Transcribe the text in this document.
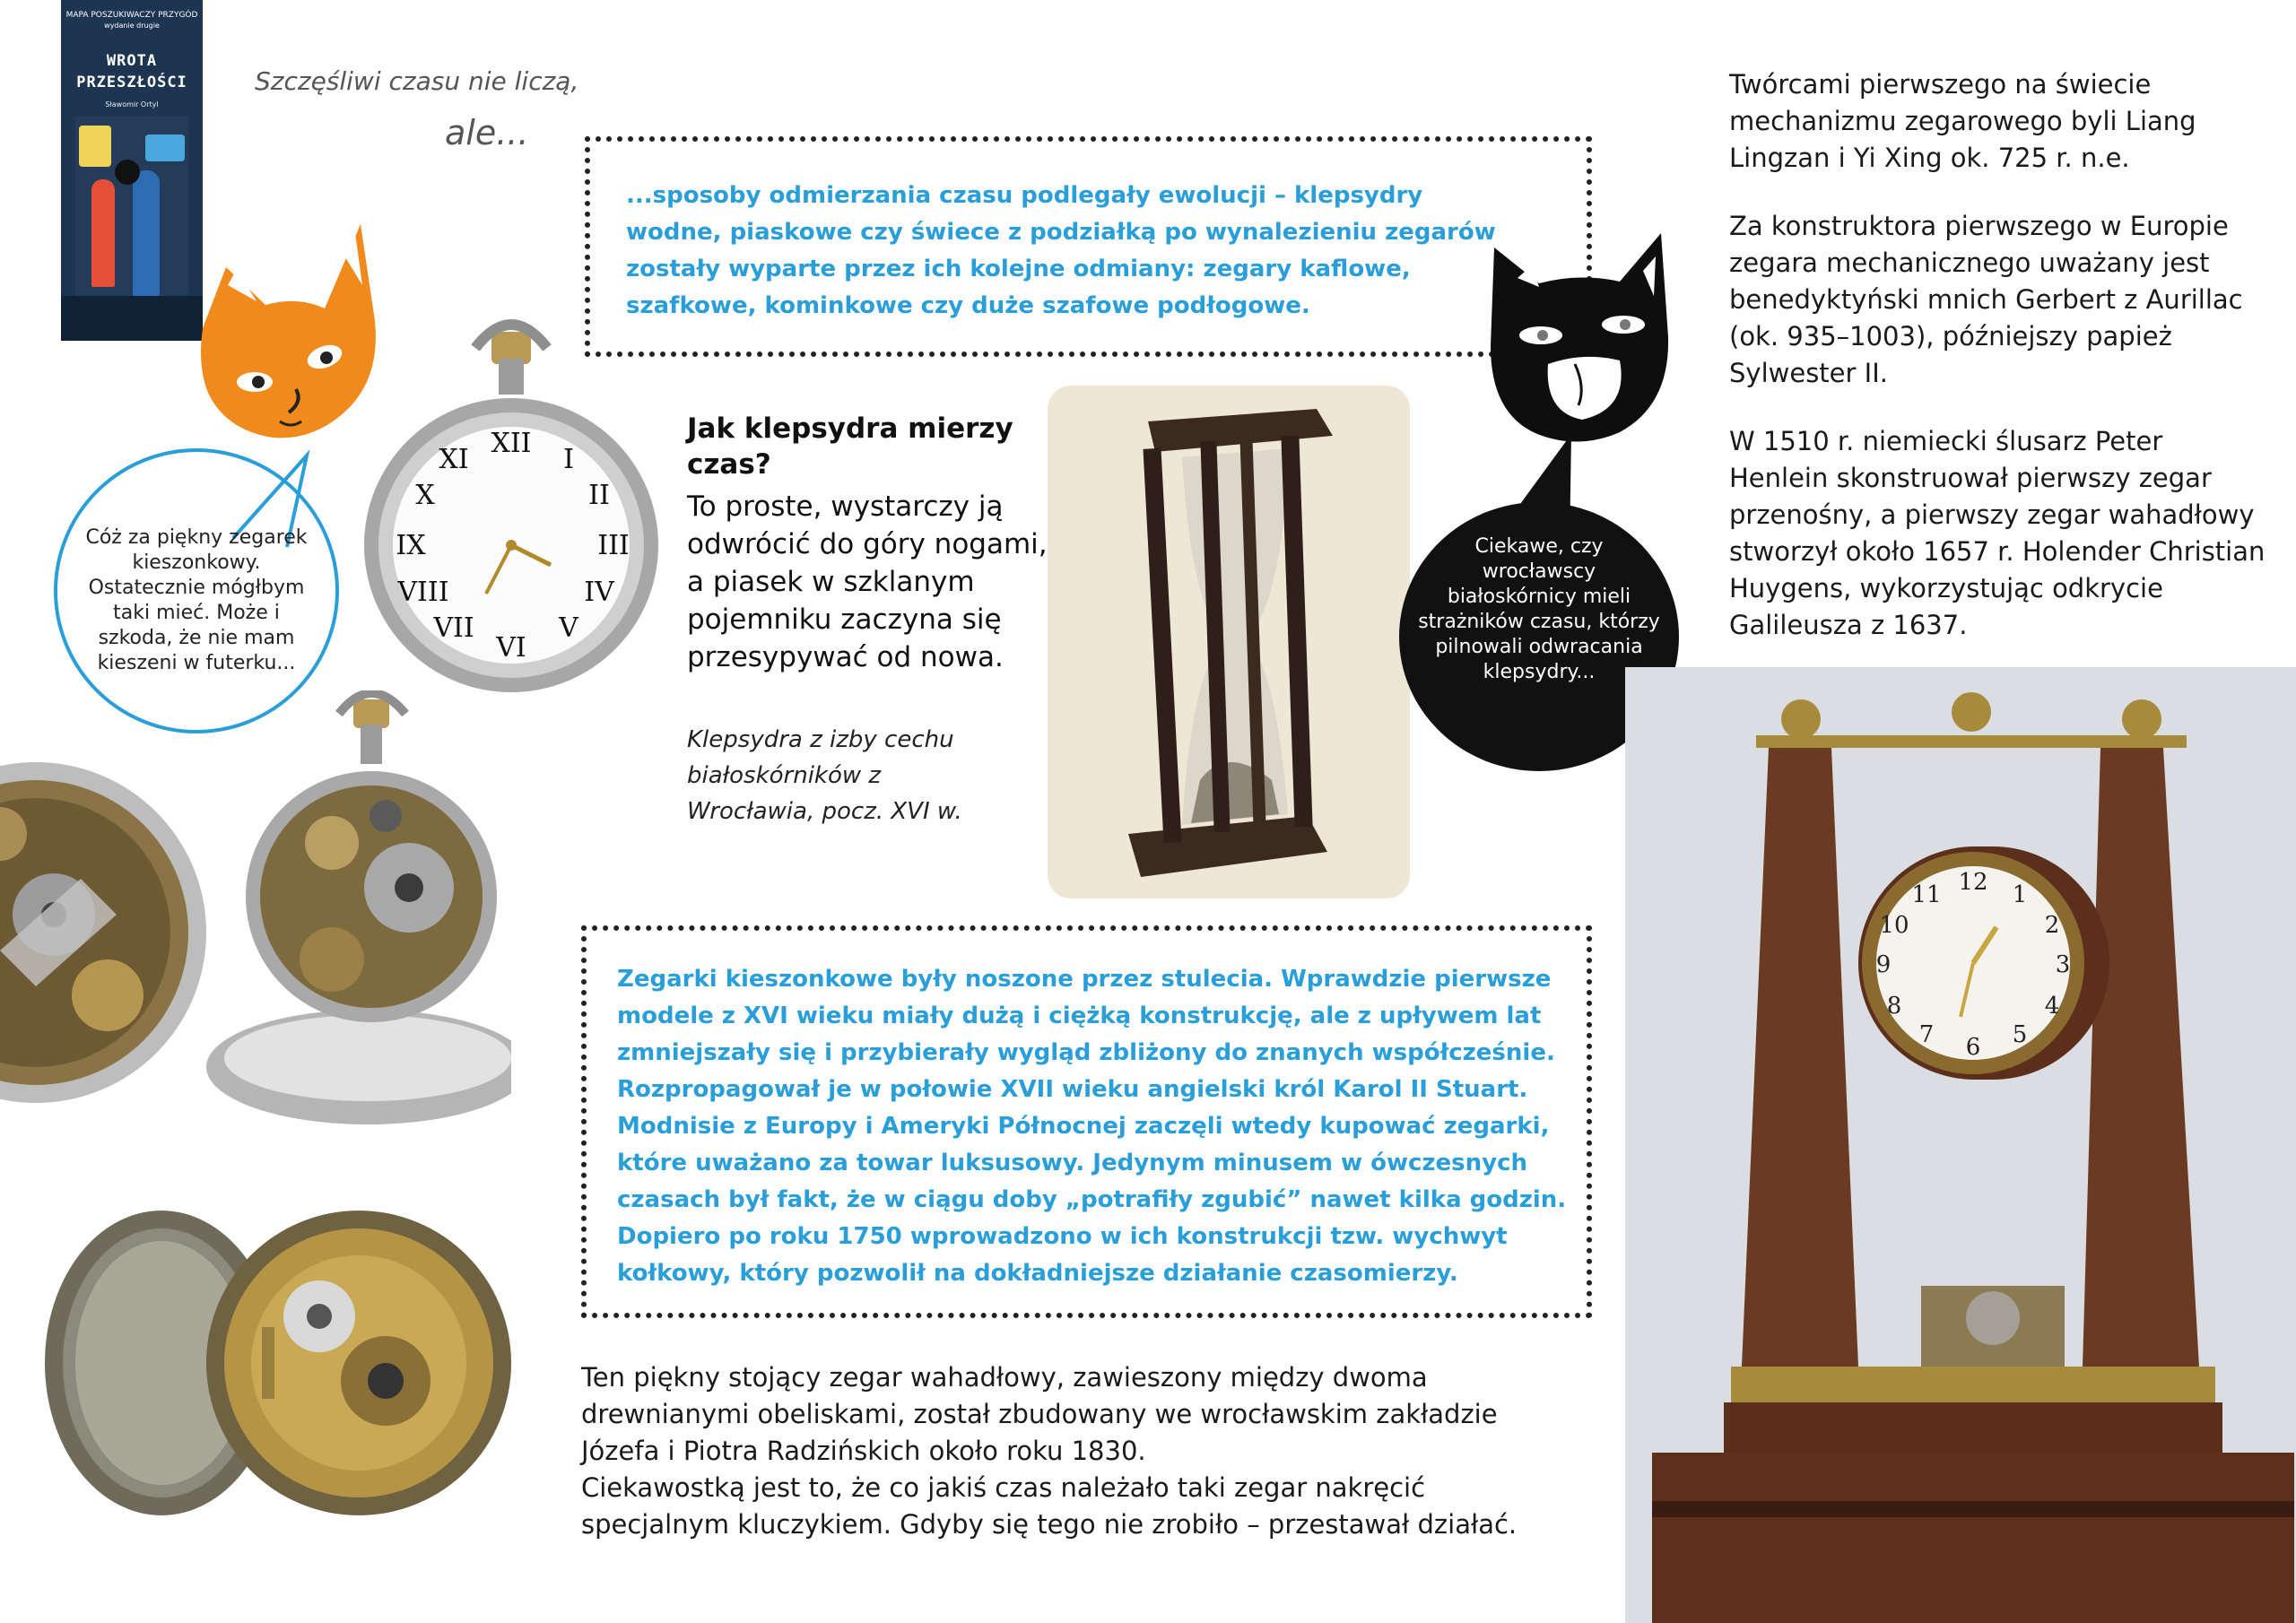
MAPA POSZUKIWACZY PRZYGÓD
wydanie drugie
WROTA
PRZESZŁOŚCI
Sławomir Ortyl
Szczęśliwi czasu nie liczą,
ale...
...sposoby odmierzania czasu podlegały ewolucji – klepsydry wodne, piaskowe czy świece z podziałką po wynalezieniu zegarów zostały wyparte przez ich kolejne odmiany: zegary kaflowe, szafkowe, kominkowe czy duże szafowe podłogowe.
Cóż za piękny zegarek kieszonkowy. Ostatecznie mógłbym taki mieć. Może i szkoda, że nie mam kieszeni w futerku...
XII
I
II
III
IV
V
VI
VII
VIII
IX
X
XI
Jak klepsydra mierzy czas?
To proste, wystarczy ją odwrócić do góry nogami, a piasek w szklanym pojemniku zaczyna się przesypywać od nowa.
Klepsydra z izby cechu białoskórników z Wrocławia, pocz. XVI w.
Ciekawe, czy wrocławscy białoskórnicy mieli strażników czasu, którzy pilnowali odwracania klepsydry...

Twórcami pierwszego na świecie mechanizmu zegarowego byli Liang Lingzan i Yi Xing ok. 725 r. n.e.

Za konstruktora pierwszego w Europie zegara mechanicznego uważany jest benedyktyński mnich Gerbert z Aurillac (ok. 935–1003), późniejszy papież Sylwester II.

W 1510 r. niemiecki ślusarz Peter Henlein skonstruował pierwszy zegar przenośny, a pierwszy zegar wahadłowy stworzył około 1657 r. Holender Christian Huygens, wykorzystując odkrycie Galileusza z 1637.

Zegarki kieszonkowe były noszone przez stulecia. Wprawdzie pierwsze modele z XVI wieku miały dużą i ciężką konstrukcję, ale z upływem lat zmniejszały się i przybierały wygląd zbliżony do znanych współcześnie. Rozpropagował je w połowie XVII wieku angielski król Karol II Stuart. Modnisie z Europy i Ameryki Północnej zaczęli wtedy kupować zegarki, które uważano za towar luksusowy. Jedynym minusem w ówczesnych czasach był fakt, że w ciągu doby „potrafiły zgubić” nawet kilka godzin. Dopiero po roku 1750 wprowadzono w ich konstrukcji tzw. wychwyt kołkowy, który pozwolił na dokładniejsze działanie czasomierzy.
Ten piękny stojący zegar wahadłowy, zawieszony między dwoma drewnianymi obeliskami, został zbudowany we wrocławskim zakładzie Józefa i Piotra Radzińskich około roku 1830.
Ciekawostką jest to, że co jakiś czas należało taki zegar nakręcić specjalnym kluczykiem. Gdyby się tego nie zrobiło – przestawał działać.
12 1
2
3
4
5
6
7
8
9
10
11
